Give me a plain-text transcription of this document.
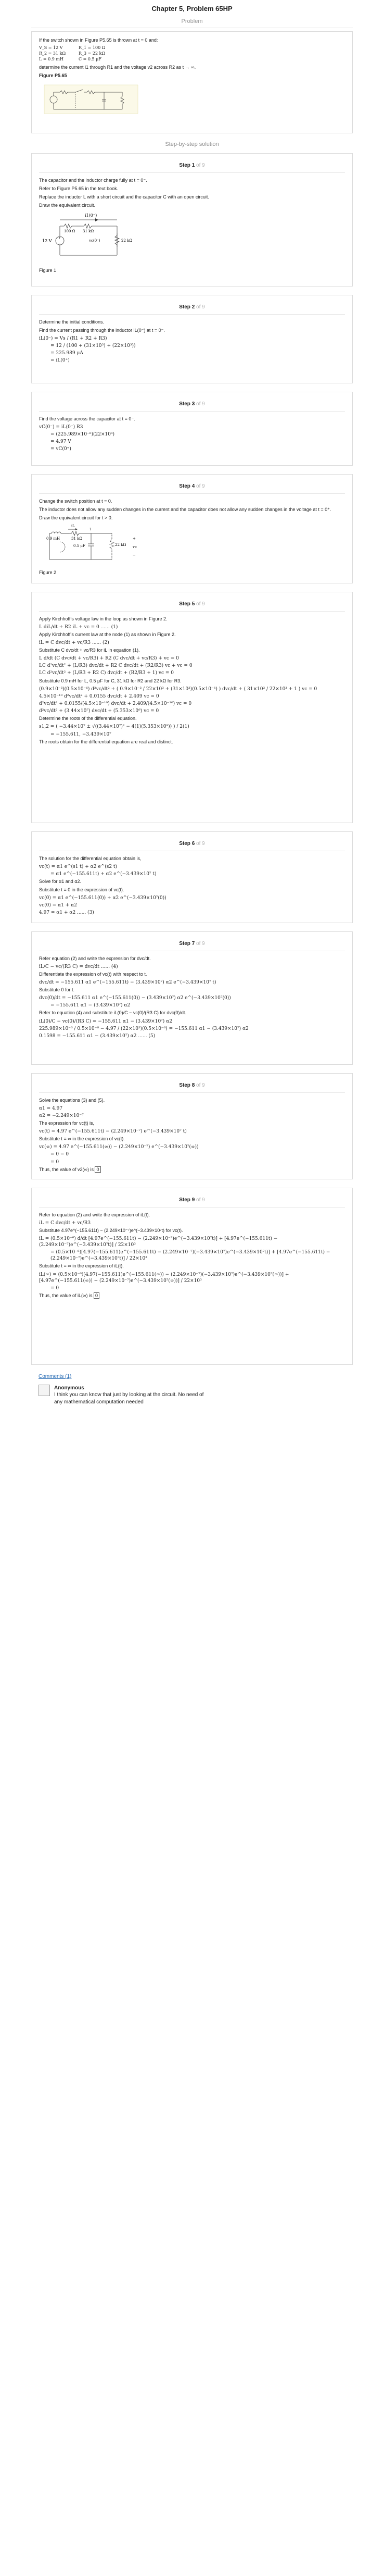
Chapter 5, Problem 65HP
Problem

If the switch shown in Figure P5.65 is thrown at t = 0 and:

V_S = 12 V	R_1 = 100 Ω
R_2 = 31 kΩ	R_3 = 22 kΩ
L = 0.9 mH	C = 0.5 μF

determine the current i1 through R1 and the voltage v2 across R2 as t → ∞.

Figure P5.65

Step-by-step solution
Step 1 of 9

The capacitor and the inductor charge fully at t = 0⁻.

Refer to Figure P5.65 in the text book.

Replace the inductor L with a short circuit and the capacitor C with an open circuit.

Draw the equivalent circuit.

i1(0⁻)
100 Ω 31 kΩ
+
−
12 V	22 kΩ
vc(0⁻)
Figure 1
Step 2 of 9

Determine the initial conditions.

Find the current passing through the inductor iL(0⁻) at t = 0⁻.

iL(0⁻) = Vs / (R1 + R2 + R3)
= 12 / (100 + (31×10³) + (22×10³))
= 225.989 μA
= iL(0⁺)
Step 3 of 9

Find the voltage across the capacitor at t = 0⁻.

vC(0⁻) = iL(0⁻) R3
= (225.989×10⁻⁶)(22×10³)
= 4.97 V
= vC(0⁺)
Step 4 of 9

Change the switch position at t = 0.

The inductor does not allow any sudden changes in the current and the capacitor does not allow any sudden changes in the voltage at t = 0⁺.

Draw the equivalent circuit for t > 0.

iL
31 kΩ
0.9 mH
0.5 μF	22 kΩ
+
vc
−
1
Figure 2
Step 5 of 9

Apply Kirchhoff’s voltage law in the loop as shown in Figure 2.

L diL/dt + R2 iL + vc = 0 ...... (1)

Apply Kirchhoff’s current law at the node (1) as shown in Figure 2.

iL = C dvc/dt + vc/R3 ...... (2)

Substitute C dvc/dt + vc/R3 for iL in equation (1).

L d/dt (C dvc/dt + vc/R3) + R2 (C dvc/dt + vc/R3) + vc = 0
LC d²vc/dt² + (L/R3) dvc/dt + R2 C dvc/dt + (R2/R3) vc + vc = 0
LC d²vc/dt² + (L/R3 + R2 C) dvc/dt + (R2/R3 + 1) vc = 0

Substitute 0.9 mH for L, 0.5 μF for C, 31 kΩ for R2 and 22 kΩ for R3.

(0.9×10⁻³)(0.5×10⁻⁶) d²vc/dt² + ( 0.9×10⁻³ / 22×10³ + (31×10³)(0.5×10⁻⁶) ) dvc/dt + ( 31×10³ / 22×10³ + 1 ) vc = 0
4.5×10⁻¹⁰ d²vc/dt² + 0.0155 dvc/dt + 2.409 vc = 0
d²vc/dt² + 0.0155/(4.5×10⁻¹⁰) dvc/dt + 2.409/(4.5×10⁻¹⁰) vc = 0
d²vc/dt² + (3.44×10⁷) dvc/dt + (5.353×10⁹) vc = 0

Determine the roots of the differential equation.

s1,2 = ( −3.44×10⁷ ± √((3.44×10⁷)² − 4(1)(5.353×10⁹)) ) / 2(1)
= −155.611, −3.439×10⁷

The roots obtain for the differential equation are real and distinct.

Step 6 of 9

The solution for the differential equation obtain is,

vc(t) = α1 e^(s1 t) + α2 e^(s2 t)
= α1 e^(−155.611t) + α2 e^(−3.439×10⁷ t)

Solve for α1 and α2.

Substitute t = 0 in the expression of vc(t).

vc(0) = α1 e^(−155.611(0)) + α2 e^(−3.439×10⁷(0))
vc(0) = α1 + α2
4.97 = α1 + α2 ...... (3)
Step 7 of 9

Refer equation (2) and write the expression for dvc/dt.

iL/C − vc/(R3 C) = dvc/dt ...... (4)

Differentiate the expression of vc(t) with respect to t.

dvc/dt = −155.611 α1 e^(−155.611t) − (3.439×10⁷) α2 e^(−3.439×10⁷ t)

Substitute 0 for t.

dvc(0)/dt = −155.611 α1 e^(−155.611(0)) − (3.439×10⁷) α2 e^(−3.439×10⁷(0))
= −155.611 α1 − (3.439×10⁷) α2

Refer to equation (4) and substitute iL(0)/C − vc(0)/(R3 C) for dvc(0)/dt.

iL(0)/C − vc(0)/(R3 C) = −155.611 α1 − (3.439×10⁷) α2
225.989×10⁻⁶ / 0.5×10⁻⁶ − 4.97 / (22×10³)(0.5×10⁻⁶) = −155.611 α1 − (3.439×10⁷) α2
0.1598 = −155.611 α1 − (3.439×10⁷) α2 ...... (5)
Step 8 of 9

Solve the equations (3) and (5).

α1 = 4.97
α2 = −2.249×10⁻⁷

The expression for vc(t) is,

vc(t) = 4.97 e^(−155.611t) − (2.249×10⁻⁷) e^(−3.439×10⁷ t)

Substitute t = ∞ in the expression of vc(t).

vc(∞) = 4.97 e^(−155.611(∞)) − (2.249×10⁻⁷) e^(−3.439×10⁷(∞))
= 0 − 0
= 0

Thus, the value of v2(∞) is 0

Step 9 of 9

Refer to equation (2) and write the expression of iL(t).

iL = C dvc/dt + vc/R3

Substitute 4.97e^(−155.611t) − (2.249×10⁻⁷)e^(−3.439×10⁷t) for vc(t).

iL = (0.5×10⁻⁶) d/dt [4.97e^(−155.611t) − (2.249×10⁻⁷)e^(−3.439×10⁷t)] + [4.97e^(−155.611t) − (2.249×10⁻⁷)e^(−3.439×10⁷t)] / 22×10³
= (0.5×10⁻⁶)[4.97(−155.611)e^(−155.611t) − (2.249×10⁻⁷)(−3.439×10⁷)e^(−3.439×10⁷t)] + [4.97e^(−155.611t) − (2.249×10⁻⁷)e^(−3.439×10⁷t)] / 22×10³

Substitute t = ∞ in the expression of iL(t).

iL(∞) = (0.5×10⁻⁶)[4.97(−155.611)e^(−155.611(∞)) − (2.249×10⁻⁷)(−3.439×10⁷)e^(−3.439×10⁷(∞))] + [4.97e^(−155.611(∞)) − (2.249×10⁻⁷)e^(−3.439×10⁷(∞))] / 22×10³
= 0

Thus, the value of iL(∞) is 0

Comments (1)
Anonymous
I think you can know that just by looking at the circuit. No need of any mathematical computation needed
